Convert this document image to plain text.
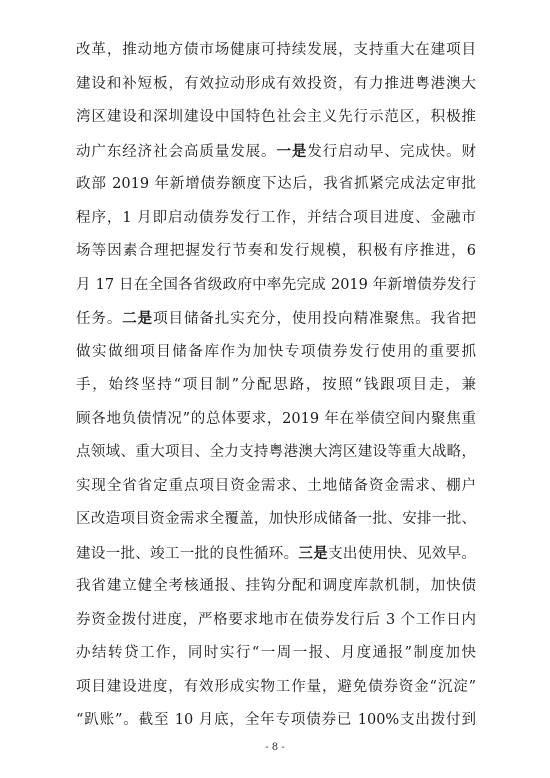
改革，推动地方债市场健康可持续发展，支持重大在建项目
建设和补短板，有效拉动形成有效投资，有力推进粤港澳大
湾区建设和深圳建设中国特色社会主义先行示范区，积极推
动广东经济社会高质量发展。一是发行启动早、完成快。财
政部 2019 年新增债券额度下达后，我省抓紧完成法定审批
程序，1 月即启动债券发行工作，并结合项目进度、金融市
场等因素合理把握发行节奏和发行规模，积极有序推进，6
月 17 日在全国各省级政府中率先完成 2019 年新增债券发行
任务。二是项目储备扎实充分，使用投向精准聚焦。我省把
做实做细项目储备库作为加快专项债券发行使用的重要抓
手，始终坚持“项目制”分配思路，按照“钱跟项目走，兼
顾各地负债情况”的总体要求，2019 年在举债空间内聚焦重
点领域、重大项目、全力支持粤港澳大湾区建设等重大战略，
实现全省省定重点项目资金需求、土地储备资金需求、棚户
区改造项目资金需求全覆盖，加快形成储备一批、安排一批、
建设一批、竣工一批的良性循环。三是支出使用快、见效早。
我省建立健全考核通报、挂钩分配和调度库款机制，加快债
券资金拨付进度，严格要求地市在债券发行后 3 个工作日内
办结转贷工作，同时实行“一周一报、月度通报”制度加快
项目建设进度，有效形成实物工作量，避免债券资金“沉淀”
“趴账”。截至 10 月底，全年专项债券已 100%支出拨付到
- 8 -
